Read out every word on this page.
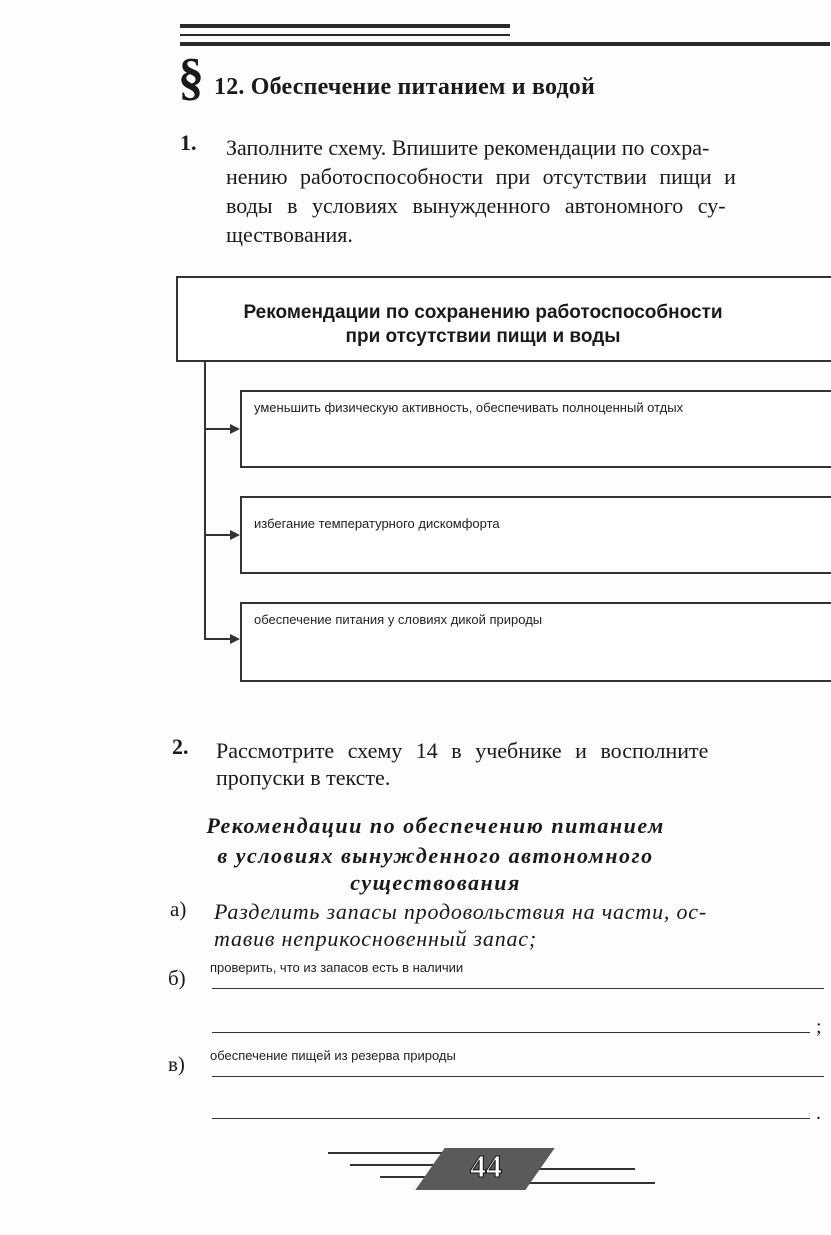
§ 12. Обеспечение питанием и водой
1. Заполните схему. Впишите рекомендации по сохра-
нению работоспособности при отсутствии пищи и
воды в условиях вынужденного автономного су-
ществования.
Рекомендации по сохранению работоспособности
при отсутствии пищи и воды
уменьшить физическую активность, обеспечивать полноценный отдых
избегание температурного дискомфорта
обеспечение питания у словиях дикой природы
2. Рассмотрите схему 14 в учебнике и восполните
пропуски в тексте.
Рекомендации по обеспечению питанием
в условиях вынужденного автономного
существования
а) Разделить запасы продовольствия на части, ос-
тавив неприкосновенный запас;
б) проверить, что из запасов есть в наличии
;
в) обеспечение пищей из резерва природы
.
44
